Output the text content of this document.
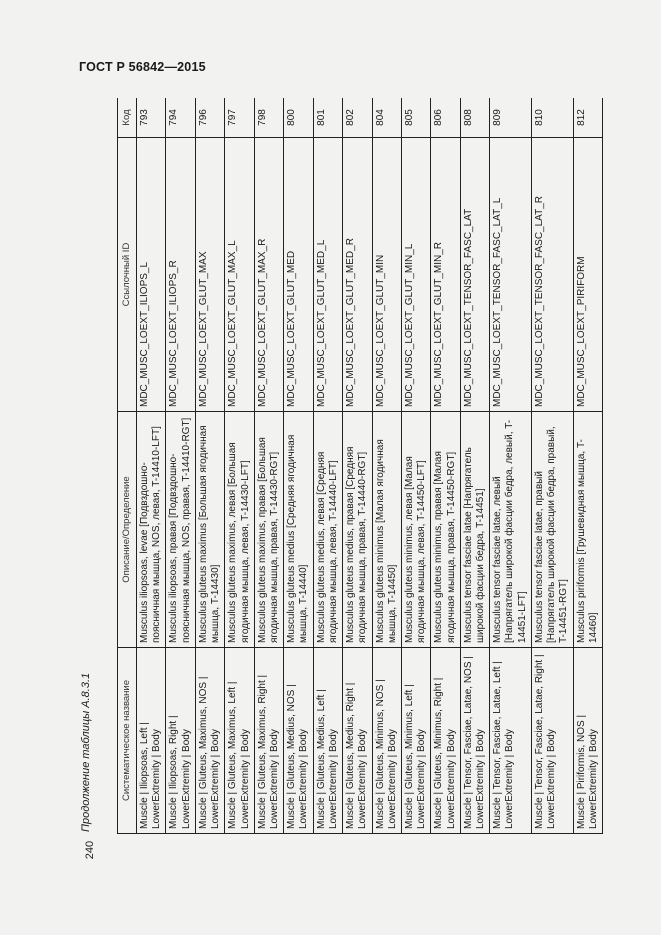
ГОСТ Р 56842—2015
Продолжение таблицы А.8.3.1
240
Систематическое название	Описание/Определение	Ссылочный ID	Код
Muscle | Iliopsoas, Left | LowerExtremity | Body	Musculus iliopsoas, levae [Подвздошно-поясничная мышца, NOS, левая, T-14410-LFT]	MDC_MUSC_LOEXT_ILIOPS_L	793
Muscle | Iliopsoas, Right | LowerExtremity | Body	Musculus iliopsoas, правая [Подвздошно-поясничная мышца, NOS, правая, T-14410-RGT]	MDC_MUSC_LOEXT_ILIOPS_R	794
Muscle | Gluteus, Maximus, NOS | LowerExtremity | Body	Musculus gluteus maximus [Большая ягодичная мышца, T-14430]	MDC_MUSC_LOEXT_GLUT_MAX	796
Muscle | Gluteus, Maximus, Left | LowerExtremity | Body	Musculus gluteus maximus, левая [Большая ягодичная мышца, левая, T-14430-LFT]	MDC_MUSC_LOEXT_GLUT_MAX_L	797
Muscle | Gluteus, Maximus, Right | LowerExtremity | Body	Musculus gluteus maximus, правая [Большая ягодичная мышца, правая, T-14430-RGT]	MDC_MUSC_LOEXT_GLUT_MAX_R	798
Muscle | Gluteus, Medius, NOS | LowerExtremity | Body	Musculus gluteus medius [Средняя ягодичная мышца, T-14440]	MDC_MUSC_LOEXT_GLUT_MED	800
Muscle | Gluteus, Medius, Left | LowerExtremity | Body	Musculus gluteus medius, левая [Средняя ягодичная мышца, левая, T-14440-LFT]	MDC_MUSC_LOEXT_GLUT_MED_L	801
Muscle | Gluteus, Medius, Right | LowerExtremity | Body	Musculus gluteus medius, правая [Средняя ягодичная мышца, правая, T-14440-RGT]	MDC_MUSC_LOEXT_GLUT_MED_R	802
Muscle | Gluteus, Minimus, NOS | LowerExtremity | Body	Musculus gluteus minimus [Малая ягодичная мышца, T-14450]	MDC_MUSC_LOEXT_GLUT_MIN	804
Muscle | Gluteus, Minimus, Left | LowerExtremity | Body	Musculus gluteus minimus, левая [Малая ягодичная мышца, левая, T-14450-LFT]	MDC_MUSC_LOEXT_GLUT_MIN_L	805
Muscle | Gluteus, Minimus, Right | LowerExtremity | Body	Musculus gluteus minimus, правая [Малая ягодичная мышца, правая, T-14450-RGT]	MDC_MUSC_LOEXT_GLUT_MIN_R	806
Muscle | Tensor, Fasciae, Latae, NOS | LowerExtremity | Body	Musculus tensor fasciae latae [Напрягатель широкой фасции бедра, T-14451]	MDC_MUSC_LOEXT_TENSOR_FASC_LAT	808
Muscle | Tensor, Fasciae, Latae, Left | LowerExtremity | Body	Musculus tensor fasciae latae, левый [Напрягатель широкой фасции бедра, левый, T-14451-LFT]	MDC_MUSC_LOEXT_TENSOR_FASC_LAT_L	809
Muscle | Tensor, Fasciae, Latae, Right | LowerExtremity | Body	Musculus tensor fasciae latae, правый [Напрягатель широкой фасции бедра, правый, T-14451-RGT]	MDC_MUSC_LOEXT_TENSOR_FASC_LAT_R	810
Muscle | Piriformis, NOS | LowerExtremity | Body	Musculus piriformis [Грушевидная мышца, T-14460]	MDC_MUSC_LOEXT_PIRIFORM	812
